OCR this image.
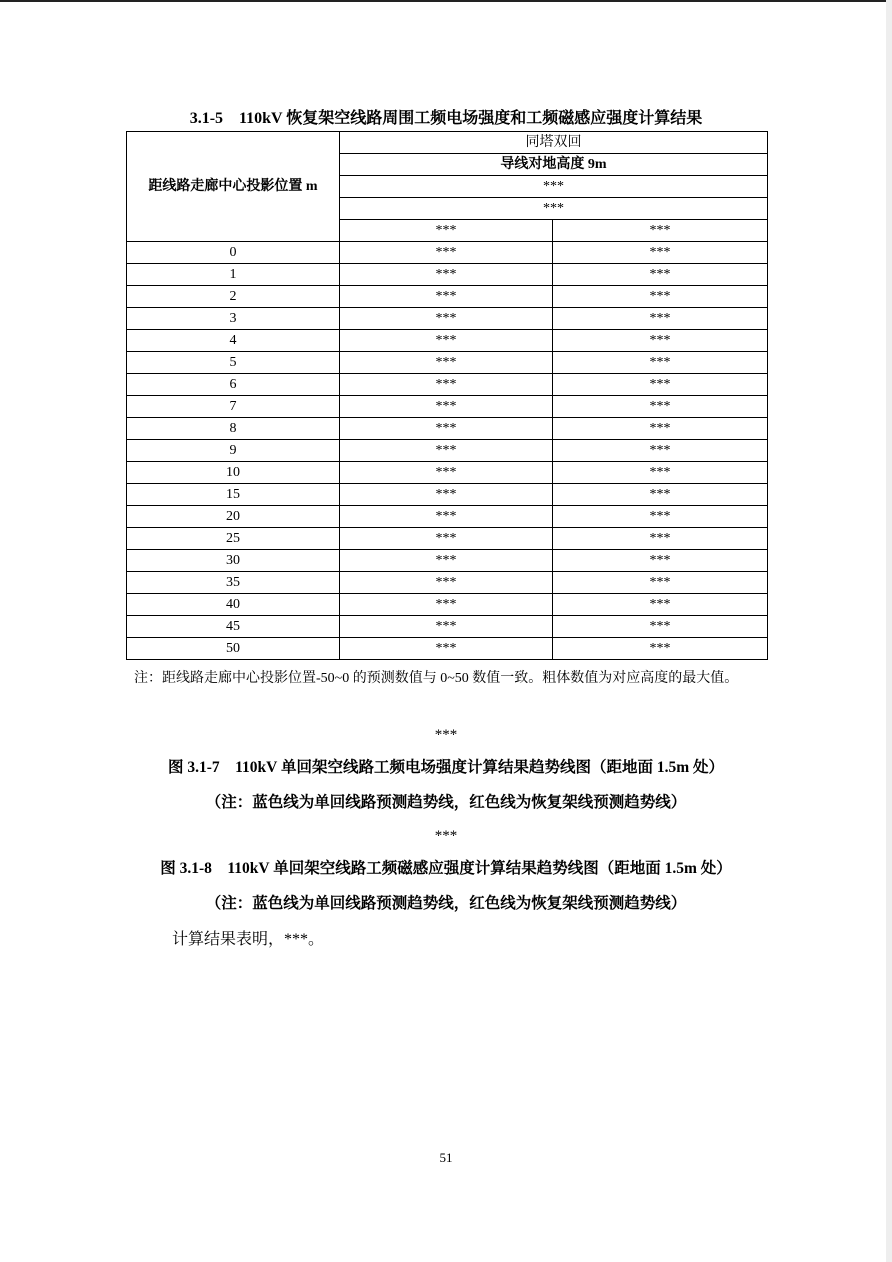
3.1-5　110kV 恢复架空线路周围工频电场强度和工频磁感应强度计算结果
距线路走廊中心投影位置 m	同塔双回	
	导线对地高度 9m	
	***	
	***	
	***	***
0	***	***
1	***	***
2	***	***
3	***	***
4	***	***
5	***	***
6	***	***
7	***	***
8	***	***
9	***	***
10	***	***
15	***	***
20	***	***
25	***	***
30	***	***
35	***	***
40	***	***
45	***	***
50	***	***
注：距线路走廊中心投影位置-50~0 的预测数值与 0~50 数值一致。粗体数值为对应高度的最大值。
***
图 3.1-7　110kV 单回架空线路工频电场强度计算结果趋势线图（距地面 1.5m 处）
（注：蓝色线为单回线路预测趋势线，红色线为恢复架线预测趋势线）
***
图 3.1-8　110kV 单回架空线路工频磁感应强度计算结果趋势线图（距地面 1.5m 处）
（注：蓝色线为单回线路预测趋势线，红色线为恢复架线预测趋势线）
计算结果表明，***。
51
